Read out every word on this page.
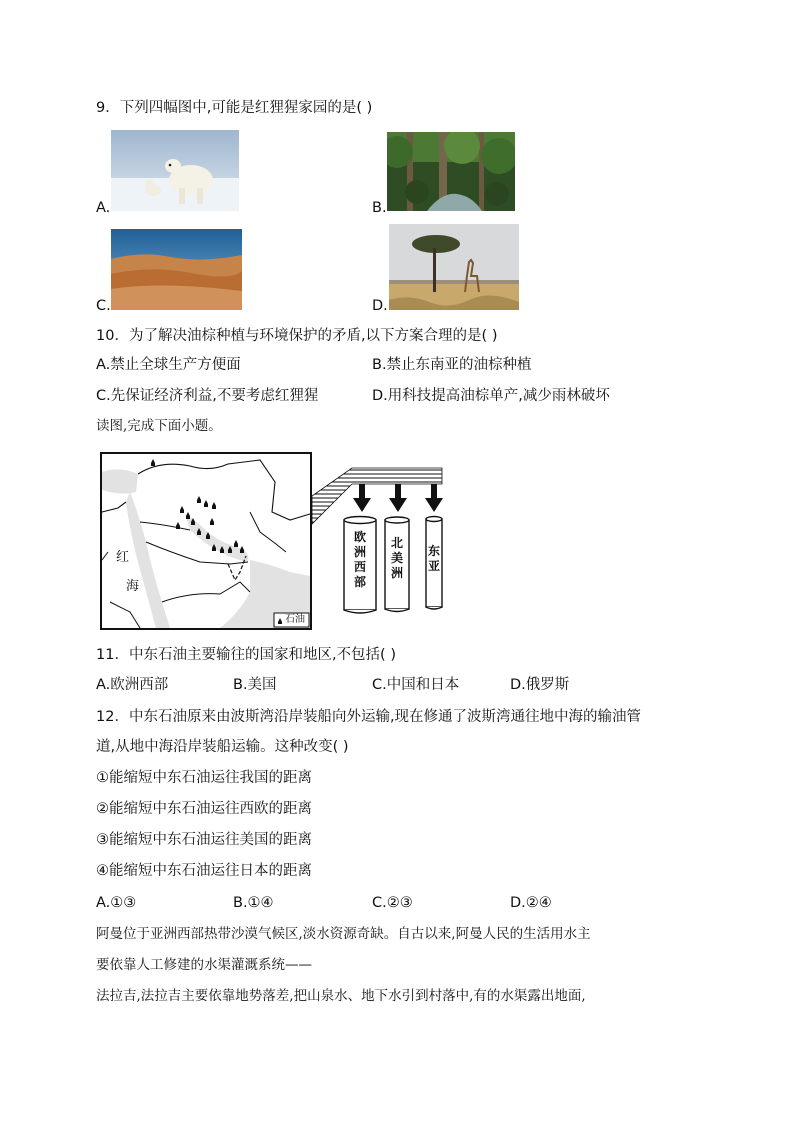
9．下列四幅图中,可能是红狸猩家园的是( )
A.	B.
C.	D.
10．为了解决油棕种植与环境保护的矛盾,以下方案合理的是( )
A.禁止全球生产方便面	B.禁止东南亚的油棕种植
C.先保证经济利益,不要考虑红狸猩	D.用科技提高油棕单产,减少雨林破坏
读图,完成下面小题。
红
海
石油
欧
洲
西
部
北
美
洲
东
亚
11．中东石油主要输往的国家和地区,不包括( )
A.欧洲西部	B.美国	C.中国和日本	D.俄罗斯
12．中东石油原来由波斯湾沿岸装船向外运输,现在修通了波斯湾通往地中海的输油管
道,从地中海沿岸装船运输。这种改变( )
①能缩短中东石油运往我国的距离
②能缩短中东石油运往西欧的距离
③能缩短中东石油运往美国的距离
④能缩短中东石油运往日本的距离
A.①③	B.①④	C.②③	D.②④
阿曼位于亚洲西部热带沙漠气候区,淡水资源奇缺。自古以来,阿曼人民的生活用水主
要依靠人工修建的水渠灌溉系统——
法拉吉,法拉吉主要依靠地势落差,把山泉水、地下水引到村落中,有的水渠露出地面,
